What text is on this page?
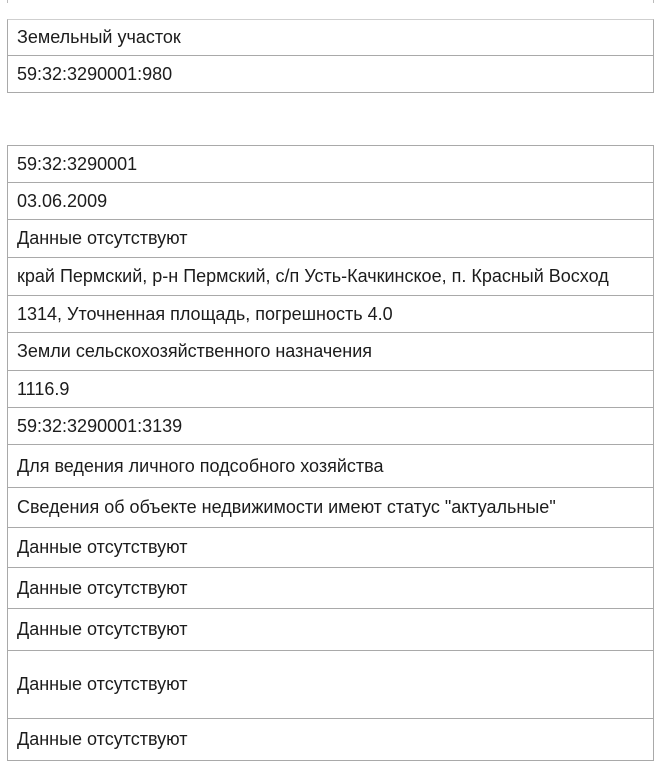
Земельный участок
59:32:3290001:980
59:32:3290001
03.06.2009
Данные отсутствуют
край Пермский, р-н Пермский, с/п Усть-Качкинское, п. Красный Восход
1314, Уточненная площадь, погрешность 4.0
Земли сельскохозяйственного назначения
1116.9
59:32:3290001:3139
Для ведения личного подсобного хозяйства
Сведения об объекте недвижимости имеют статус "актуальные"
Данные отсутствуют
Данные отсутствуют
Данные отсутствуют
Данные отсутствуют
Данные отсутствуют
